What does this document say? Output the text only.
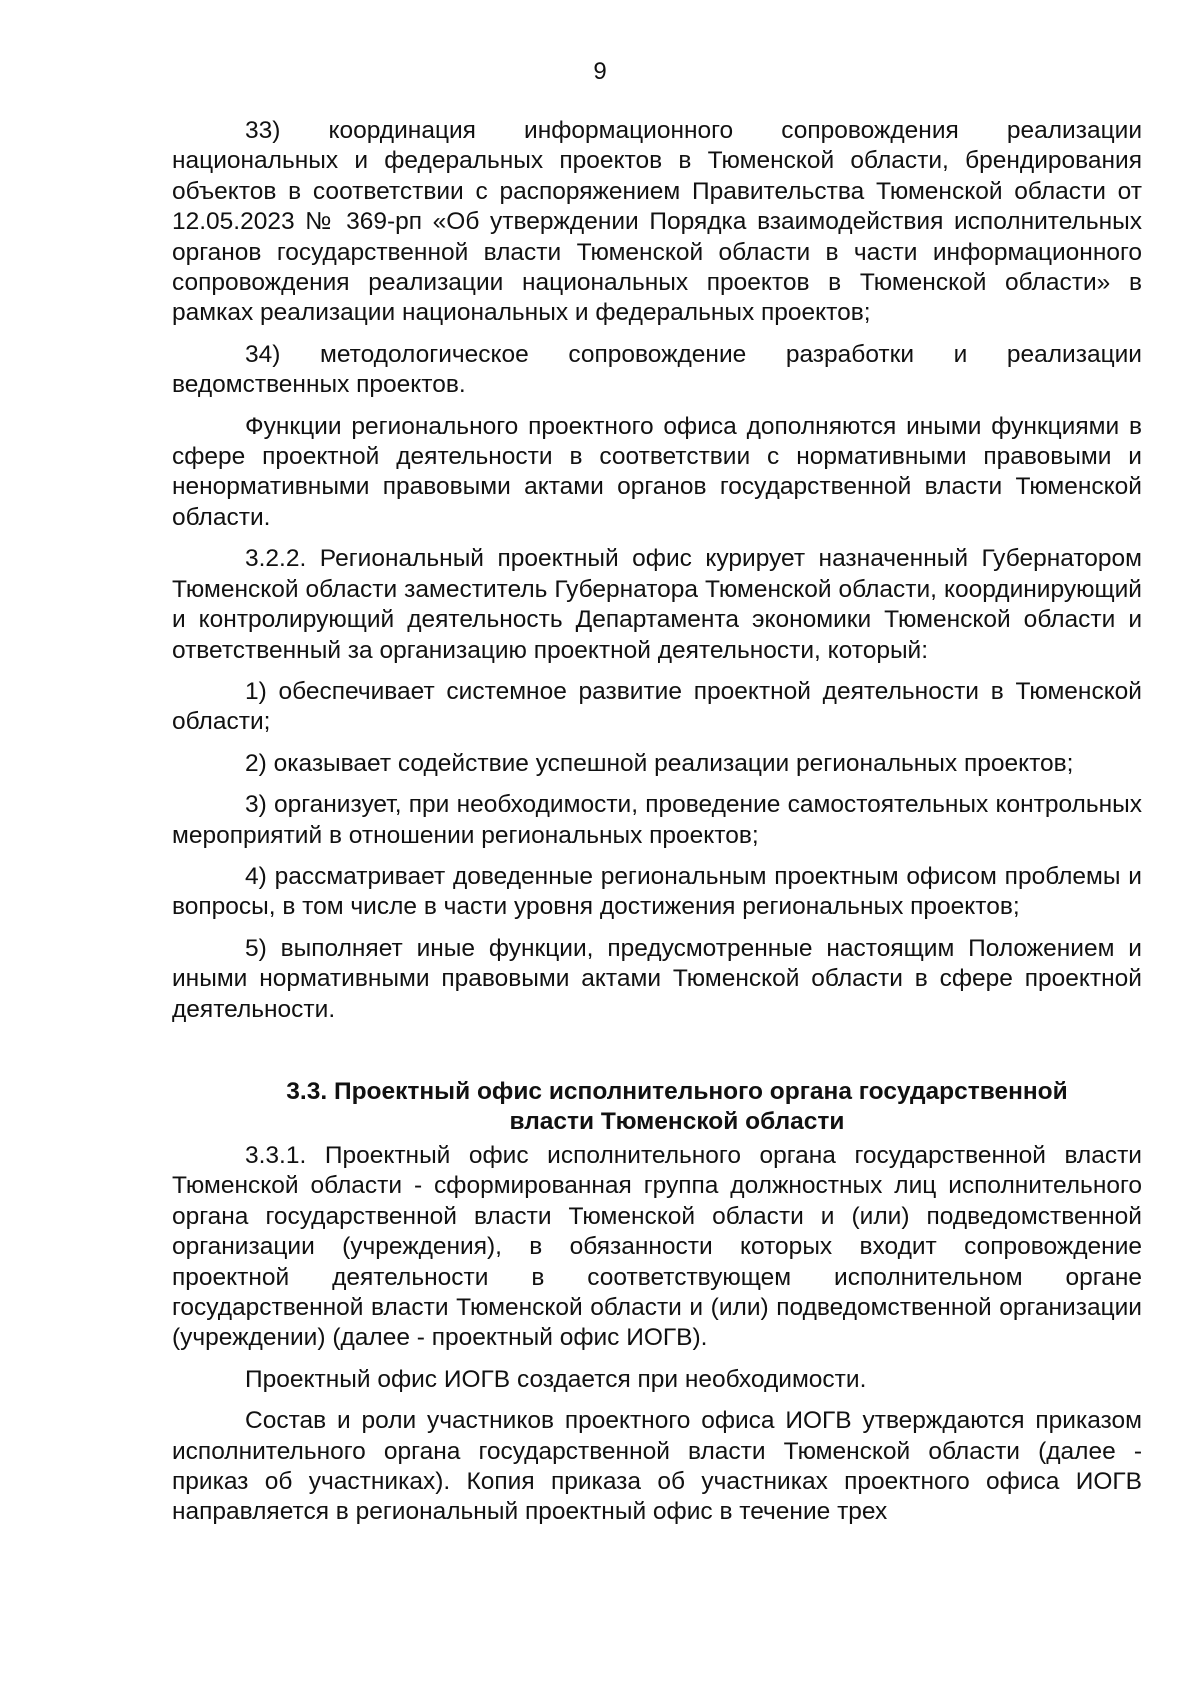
9

33) координация информационного сопровождения реализации национальных и федеральных проектов в Тюменской области, брендирования объектов в соответствии с распоряжением Правительства Тюменской области от 12.05.2023 № 369-рп «Об утверждении Порядка взаимодействия исполнительных органов государственной власти Тюменской области в части информационного сопровождения реализации национальных проектов в Тюменской области» в рамках реализации национальных и федеральных проектов;

34) методологическое сопровождение разработки и реализации ведомственных проектов.

Функции регионального проектного офиса дополняются иными функциями в сфере проектной деятельности в соответствии с нормативными правовыми и ненормативными правовыми актами органов государственной власти Тюменской области.

3.2.2. Региональный проектный офис курирует назначенный Губернатором Тюменской области заместитель Губернатора Тюменской области, координирующий и контролирующий деятельность Департамента экономики Тюменской области и ответственный за организацию проектной деятельности, который:

1) обеспечивает системное развитие проектной деятельности в Тюменской области;

2) оказывает содействие успешной реализации региональных проектов;

3) организует, при необходимости, проведение самостоятельных контрольных мероприятий в отношении региональных проектов;

4) рассматривает доведенные региональным проектным офисом проблемы и вопросы, в том числе в части уровня достижения региональных проектов;

5) выполняет иные функции, предусмотренные настоящим Положением и иными нормативными правовыми актами Тюменской области в сфере проектной деятельности.

3.3. Проектный офис исполнительного органа государственной
власти Тюменской области

3.3.1. Проектный офис исполнительного органа государственной власти Тюменской области - сформированная группа должностных лиц исполнительного органа государственной власти Тюменской области и (или) подведомственной организации (учреждения), в обязанности которых входит сопровождение проектной деятельности в соответствующем исполнительном органе государственной власти Тюменской области и (или) подведомственной организации (учреждении) (далее - проектный офис ИОГВ).

Проектный офис ИОГВ создается при необходимости.

Состав и роли участников проектного офиса ИОГВ утверждаются приказом исполнительного органа государственной власти Тюменской области (далее - приказ об участниках). Копия приказа об участниках проектного офиса ИОГВ направляется в региональный проектный офис в течение трех
